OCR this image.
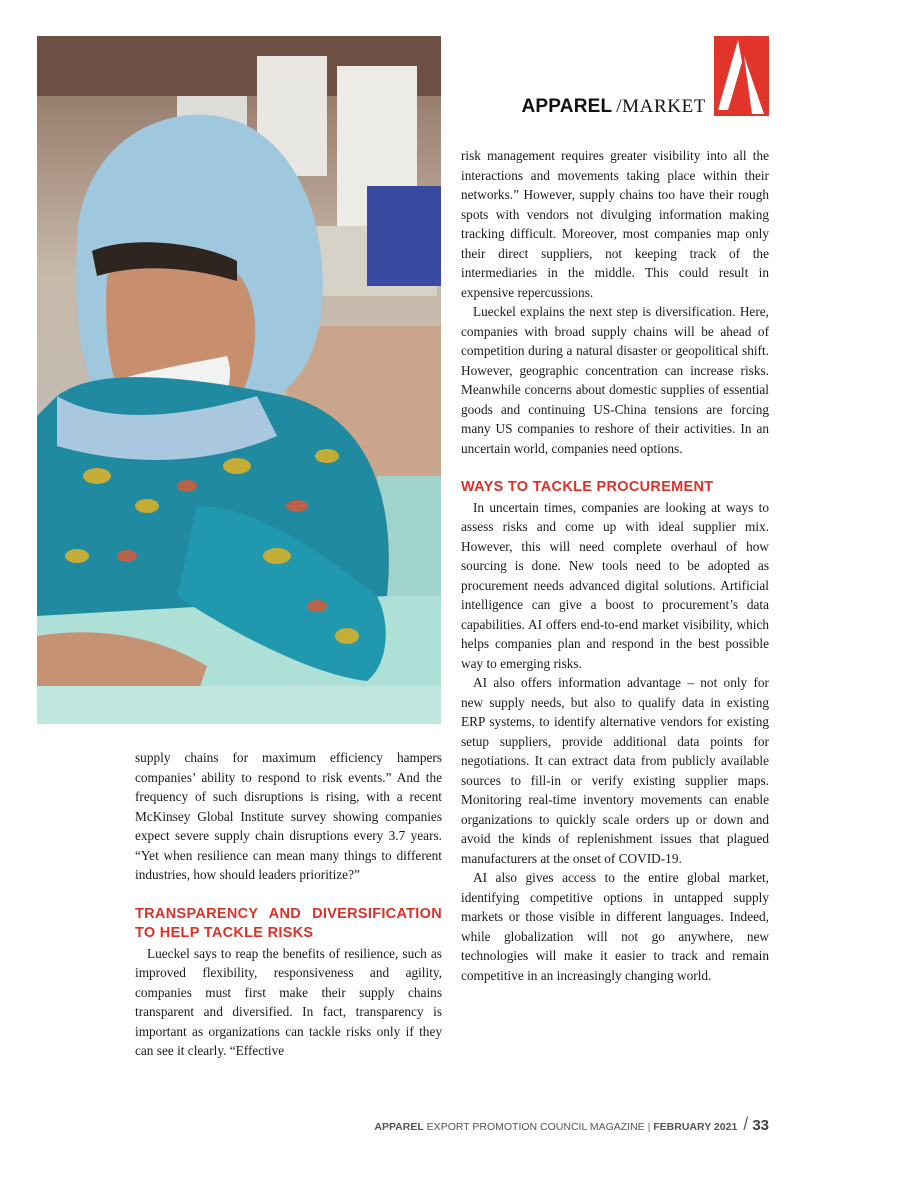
APPAREL /MARKET

supply chains for maximum efficiency hampers companies’ ability to respond to risk events.” And the frequency of such disruptions is rising, with a recent McKinsey Global Institute survey showing companies expect severe supply chain disruptions every 3.7 years. “Yet when resilience can mean many things to different industries, how should leaders prioritize?”

TRANSPARENCY AND DIVERSIFICATION TO HELP TACKLE RISKS

Lueckel says to reap the benefits of resilience, such as improved flexibility, responsiveness and agility, companies must first make their supply chains transparent and diversified. In fact, transparency is important as organizations can tackle risks only if they can see it clearly. “Effective

risk management requires greater visibility into all the interactions and movements taking place within their networks.” However, supply chains too have their rough spots with vendors not divulging information making tracking difficult. Moreover, most companies map only their direct suppliers, not keeping track of the intermediaries in the middle. This could result in expensive repercussions.

Lueckel explains the next step is diversification. Here, companies with broad supply chains will be ahead of competition during a natural disaster or geopolitical shift. However, geographic concentration can increase risks. Meanwhile concerns about domestic supplies of essential goods and continuing US-China tensions are forcing many US companies to reshore of their activities. In an uncertain world, companies need options.

WAYS TO TACKLE PROCUREMENT

In uncertain times, companies are looking at ways to assess risks and come up with ideal supplier mix. However, this will need complete overhaul of how sourcing is done. New tools need to be adopted as procurement needs advanced digital solutions. Artificial intelligence can give a boost to procurement’s data capabilities. AI offers end-to-end market visibility, which helps companies plan and respond in the best possible way to emerging risks.

AI also offers information advantage – not only for new supply needs, but also to qualify data in existing ERP systems, to identify alternative vendors for existing setup suppliers, provide additional data points for negotiations. It can extract data from publicly available sources to fill-in or verify existing supplier maps. Monitoring real-time inventory movements can enable organizations to quickly scale orders up or down and avoid the kinds of replenishment issues that plagued manufacturers at the onset of COVID-19.

AI also gives access to the entire global market, identifying competitive options in untapped supply markets or those visible in different languages. Indeed, while globalization will not go anywhere, new technologies will make it easier to track and remain competitive in an increasingly changing world.

APPAREL EXPORT PROMOTION COUNCIL MAGAZINE | FEBRUARY 2021 / 33
